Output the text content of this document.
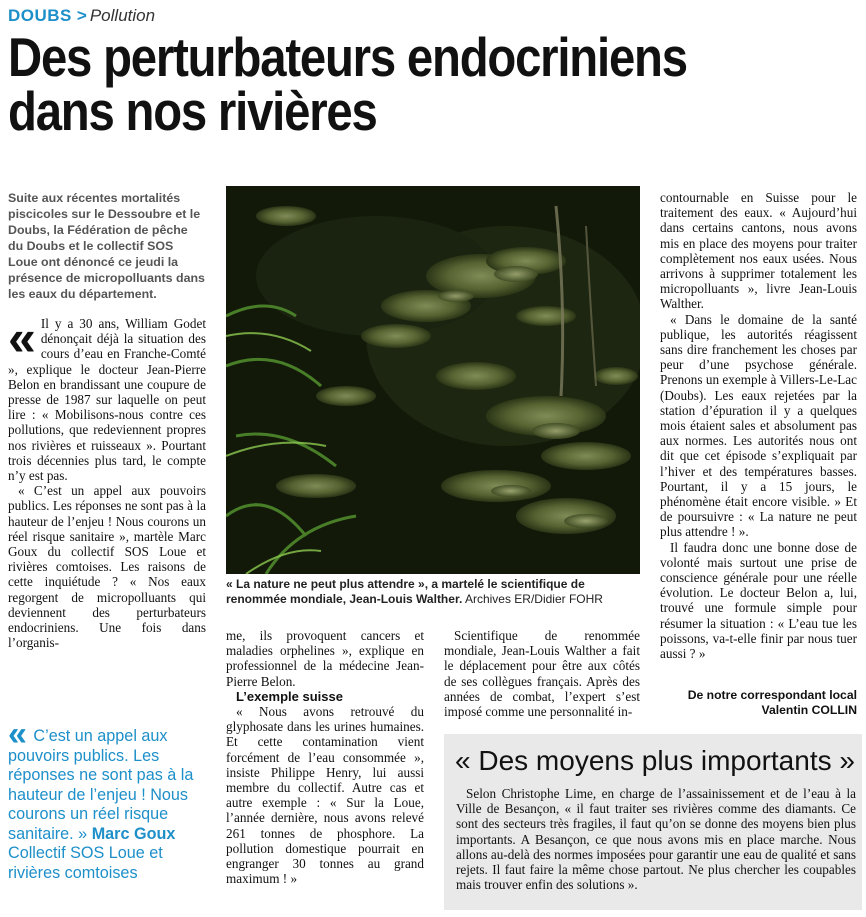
DOUBS > Pollution
Des perturbateurs endocriniens
dans nos rivières
Suite aux récentes mortalités piscicoles sur le Dessoubre et le Doubs, la Fédération de pêche du Doubs et le collectif SOS Loue ont dénoncé ce jeudi la présence de micropolluants dans les eaux du département.

« Il y a 30 ans, William Godet dénonçait déjà la situation des cours d’eau en Franche-Comté », explique le docteur Jean-Pierre Belon en brandissant une coupure de presse de 1987 sur laquelle on peut lire : « Mobilisons-nous contre ces pollutions, que redeviennent propres nos rivières et ruisseaux ». Pourtant trois décennies plus tard, le compte n’y est pas.

« C’est un appel aux pouvoirs publics. Les réponses ne sont pas à la hauteur de l’enjeu ! Nous courons un réel risque sanitaire », martèle Marc Goux du collectif SOS Loue et rivières comtoises. Les raisons de cette inquiétude ? « Nos eaux regorgent de micropolluants qui deviennent des perturbateurs endocriniens. Une fois dans l’organis-

« La nature ne peut plus attendre », a martelé le scientifique de renommée mondiale, Jean-Louis Walther. Archives ER/Didier FOHR

me, ils provoquent cancers et maladies orphelines », explique en professionnel de la médecine Jean-Pierre Belon.

L’exemple suisse

« Nous avons retrouvé du glyphosate dans les urines humaines. Et cette contamination vient forcément de l’eau consommée », insiste Philippe Henry, lui aussi membre du collectif. Autre cas et autre exemple : « Sur la Loue, l’année dernière, nous avons relevé 261 tonnes de phosphore. La pollution domestique pourrait en engranger 30 tonnes au grand maximum ! »

Scientifique de renommée mondiale, Jean-Louis Walther a fait le déplacement pour être aux côtés de ses collègues français. Après des années de combat, l’expert s’est imposé comme une personnalité in-

contournable en Suisse pour le traitement des eaux. « Aujourd’hui dans certains cantons, nous avons mis en place des moyens pour traiter complètement nos eaux usées. Nous arrivons à supprimer totalement les micropolluants », livre Jean-Louis Walther.

« Dans le domaine de la santé publique, les autorités réagissent sans dire franchement les choses par peur d’une psychose générale. Prenons un exemple à Villers-Le-Lac (Doubs). Les eaux rejetées par la station d’épuration il y a quelques mois étaient sales et absolument pas aux normes. Les autorités nous ont dit que cet épisode s’expliquait par l’hiver et des températures basses. Pourtant, il y a 15 jours, le phénomène était encore visible. » Et de poursuivre : « La nature ne peut plus attendre ! ».

Il faudra donc une bonne dose de volonté mais surtout une prise de conscience générale pour une réelle évolution. Le docteur Belon a, lui, trouvé une formule simple pour résumer la situation : « L’eau tue les poissons, va-t-elle finir par nous tuer aussi ? »

De notre correspondant local
Valentin COLLIN
« C’est un appel aux pouvoirs publics. Les réponses ne sont pas à la hauteur de l’enjeu ! Nous courons un réel risque sanitaire. » Marc Goux Collectif SOS Loue et rivières comtoises
« Des moyens plus importants »

Selon Christophe Lime, en charge de l’assainissement et de l’eau à la Ville de Besançon, « il faut traiter ses rivières comme des diamants. Ce sont des secteurs très fragiles, il faut qu’on se donne des moyens bien plus importants. A Besançon, ce que nous avons mis en place marche. Nous allons au-delà des normes imposées pour garantir une eau de qualité et sans rejets. Il faut faire la même chose partout. Ne plus chercher les coupables mais trouver enfin des solutions ».
